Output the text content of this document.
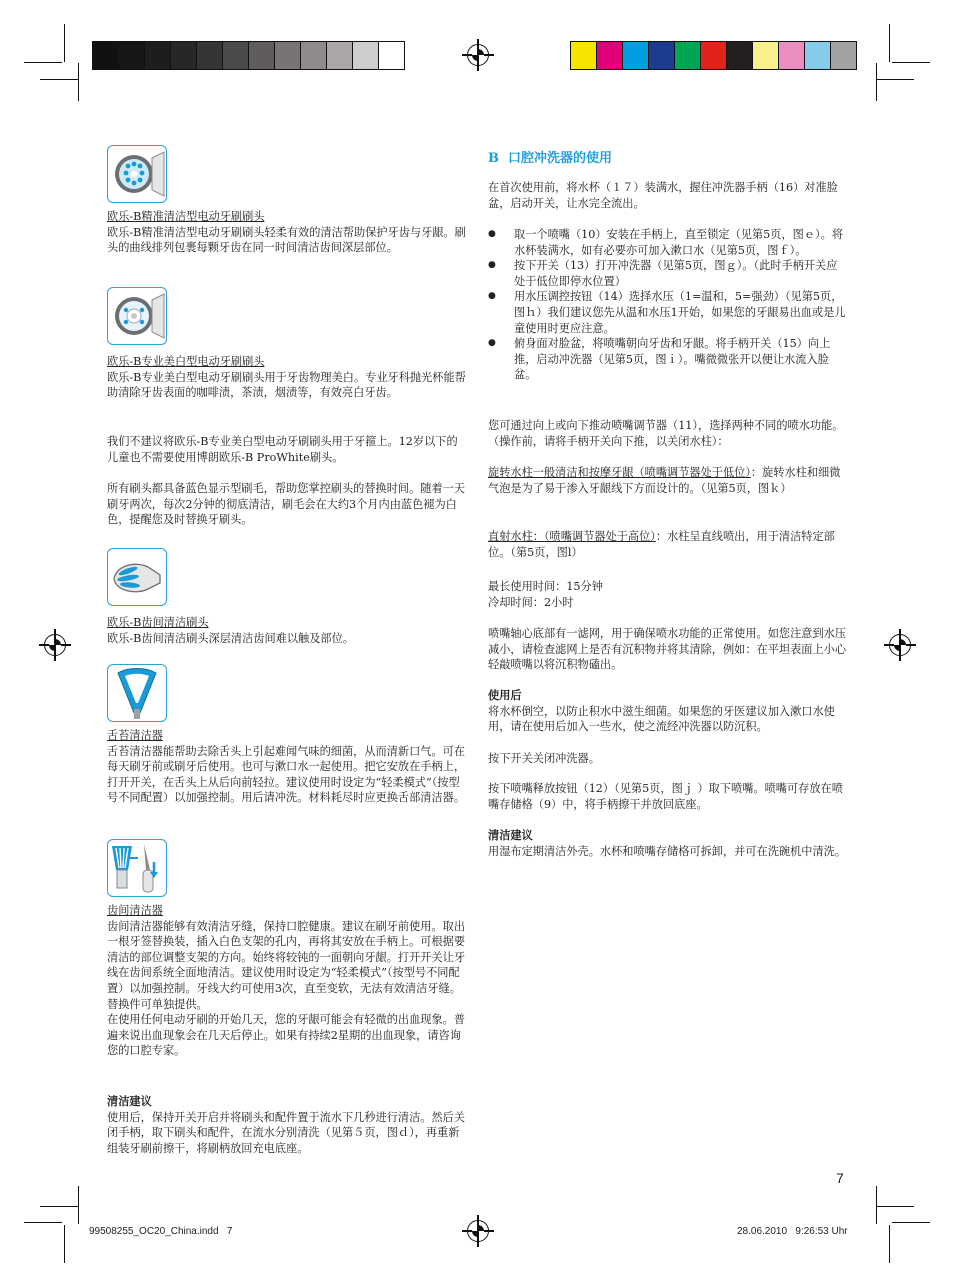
欧乐-B精准清洁型电动牙刷刷头

欧乐-B精准清洁型电动牙刷刷头轻柔有效的清洁帮助保护牙齿与牙龈。刷头的曲线排列包裹每颗牙齿在同一时间清洁齿间深层部位。

欧乐-B专业美白型电动牙刷刷头

欧乐-B专业美白型电动牙刷刷头用于牙齿物理美白。专业牙科抛光杯能帮助清除牙齿表面的咖啡渍，茶渍，烟渍等，有效亮白牙齿。

我们不建议将欧乐-B专业美白型电动牙刷刷头用于牙箍上。12岁以下的儿童也不需要使用博朗欧乐-B ProWhite刷头。

所有刷头都具备蓝色显示型刷毛，帮助您掌控刷头的替换时间。随着一天刷牙两次，每次2分钟的彻底清洁，刷毛会在大约3个月内由蓝色褪为白色，提醒您及时替换牙刷头。

欧乐-B齿间清洁刷头

欧乐-B齿间清洁刷头深层清洁齿间难以触及部位。

舌苔清洁器

舌苔清洁器能帮助去除舌头上引起难闻气味的细菌，从而清新口气。可在每天刷牙前或刷牙后使用。也可与漱口水一起使用。把它安放在手柄上，打开开关，在舌头上从后向前轻拉。建议使用时设定为“轻柔模式”（按型号不同配置）以加强控制。用后请冲洗。材料耗尽时应更换舌部清洁器。

齿间清洁器

齿间清洁器能够有效清洁牙缝，保持口腔健康。建议在刷牙前使用。取出一根牙签替换装，插入白色支架的孔内，再将其安放在手柄上。可根据要清洁的部位调整支架的方向。始终将较钝的一面朝向牙龈。打开开关让牙线在齿间系统全面地清洁。建议使用时设定为“轻柔模式”（按型号不同配置）以加强控制。牙线大约可使用3次，直至变软，无法有效清洁牙缝。替换件可单独提供。

在使用任何电动牙刷的开始几天，您的牙龈可能会有轻微的出血现象。普遍来说出血现象会在几天后停止。如果有持续2星期的出血现象，请咨询您的口腔专家。

清洁建议

使用后，保持开关开启并将刷头和配件置于流水下几秒进行清洁。然后关闭手柄，取下刷头和配件，在流水分别清洗（见第５页，图ｄ），再重新组装牙刷前擦干，将刷柄放回充电底座。

B  口腔冲洗器的使用

在首次使用前，将水杯（１７）装满水，握住冲洗器手柄（16）对准脸盆，启动开关，让水完全流出。

● 取一个喷嘴（10）安装在手柄上，直至锁定（见第5页，图ｅ）。将水杯装满水，如有必要亦可加入漱口水（见第5页，图ｆ）。
● 按下开关（13）打开冲洗器（见第5页，图ｇ）。（此时手柄开关应处于低位即停水位置）
● 用水压调控按钮（14）选择水压（1=温和，5=强劲）（见第5页，图ｈ）我们建议您先从温和水压1开始，如果您的牙龈易出血或是儿童使用时更应注意。
● 俯身面对脸盆，将喷嘴朝向牙齿和牙龈。将手柄开关（15）向上推，启动冲洗器（见第5页，图ｉ）。嘴微微张开以便让水流入脸盆。

您可通过向上或向下推动喷嘴调节器（11），选择两种不同的喷水功能。（操作前，请将手柄开关向下推，以关闭水柱）：

旋转水柱一般清洁和按摩牙龈（喷嘴调节器处于低位）：旋转水柱和细微气泡是为了易于渗入牙龈线下方而设计的。（见第5页，图ｋ）

直射水柱：（喷嘴调节器处于高位）：水柱呈直线喷出，用于清洁特定部位。（第5页，图l）

最长使用时间：15分钟

冷却时间：2小时

喷嘴轴心底部有一滤网，用于确保喷水功能的正常使用。如您注意到水压减小，请检查滤网上是否有沉积物并将其清除，例如：在平坦表面上小心轻敲喷嘴以将沉积物磕出。

使用后

将水杯倒空，以防止积水中滋生细菌。如果您的牙医建议加入漱口水使用，请在使用后加入一些水，使之流经冲洗器以防沉积。

按下开关关闭冲洗器。

按下喷嘴释放按钮（12）（见第5页，图ｊ ）取下喷嘴。喷嘴可存放在喷嘴存储格（9）中，将手柄擦干并放回底座。

清洁建议

用湿布定期清洁外壳。水杯和喷嘴存储格可拆卸，并可在洗碗机中清洗。

7
99508255_OC20_China.indd   7	28.06.2010   9:26:53 Uhr
